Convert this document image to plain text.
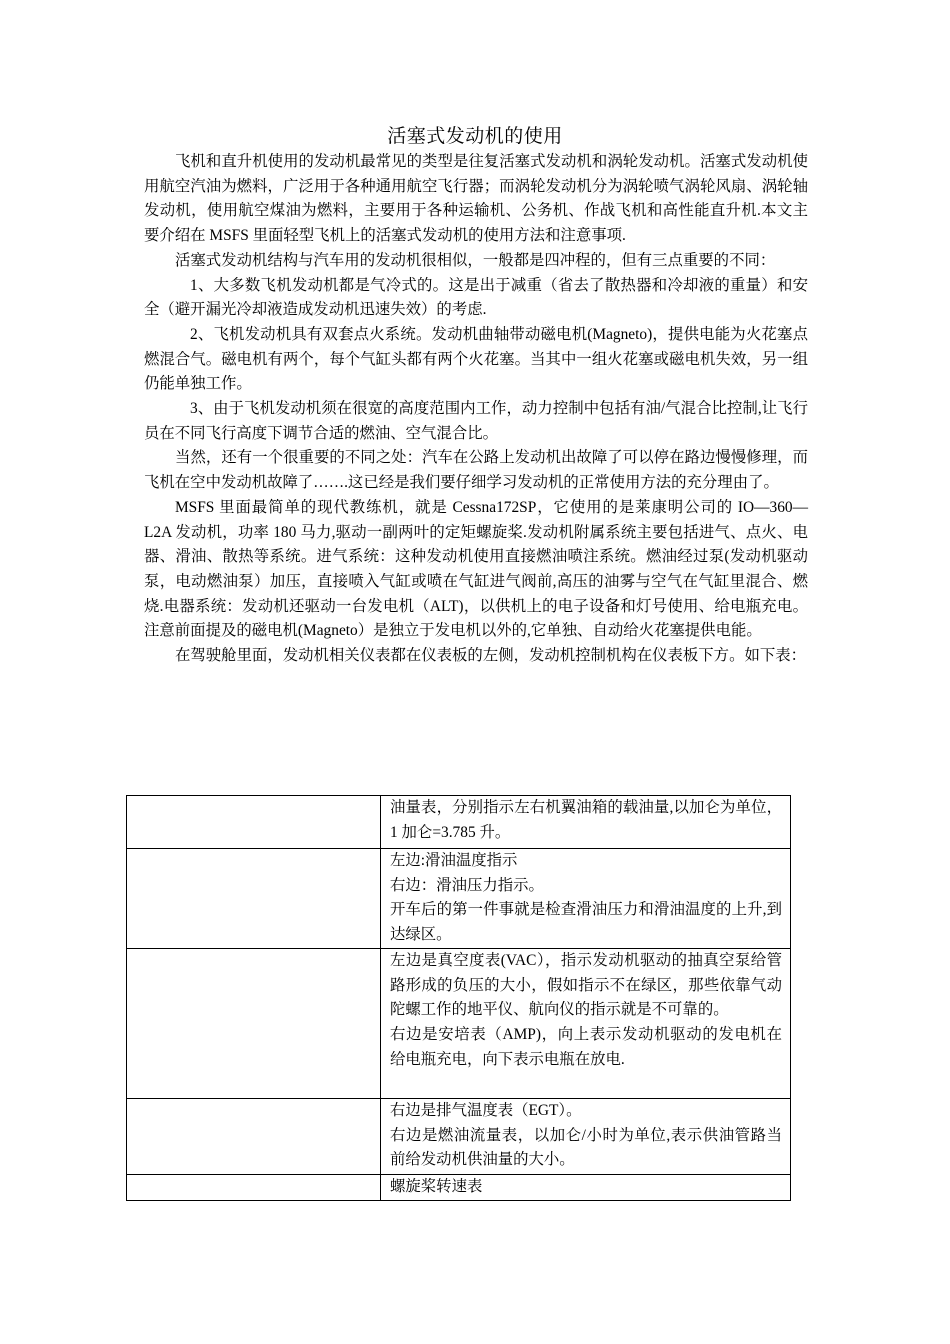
活塞式发动机的使用

飞机和直升机使用的发动机最常见的类型是往复活塞式发动机和涡轮发动机。活塞式发动机使用航空汽油为燃料，广泛用于各种通用航空飞行器；而涡轮发动机分为涡轮喷气涡轮风扇、涡轮轴发动机，使用航空煤油为燃料，主要用于各种运输机、公务机、作战飞机和高性能直升机.本文主要介绍在 MSFS 里面轻型飞机上的活塞式发动机的使用方法和注意事项.

活塞式发动机结构与汽车用的发动机很相似，一般都是四冲程的，但有三点重要的不同：

1、大多数飞机发动机都是气冷式的。这是出于减重（省去了散热器和冷却液的重量）和安全（避开漏光冷却液造成发动机迅速失效）的考虑.

2、飞机发动机具有双套点火系统。发动机曲轴带动磁电机(Magneto)，提供电能为火花塞点燃混合气。磁电机有两个，每个气缸头都有两个火花塞。当其中一组火花塞或磁电机失效，另一组仍能单独工作。

3、由于飞机发动机须在很宽的高度范围内工作，动力控制中包括有油/气混合比控制,让飞行员在不同飞行高度下调节合适的燃油、空气混合比。

当然，还有一个很重要的不同之处：汽车在公路上发动机出故障了可以停在路边慢慢修理，而飞机在空中发动机故障了…….这已经是我们要仔细学习发动机的正常使用方法的充分理由了。

MSFS 里面最简单的现代教练机，就是 Cessna172SP，它使用的是莱康明公司的 IO—360—L2A 发动机，功率 180 马力,驱动一副两叶的定矩螺旋桨.发动机附属系统主要包括进气、点火、电器、滑油、散热等系统。进气系统：这种发动机使用直接燃油喷注系统。燃油经过泵(发动机驱动泵，电动燃油泵）加压，直接喷入气缸或喷在气缸进气阀前,高压的油雾与空气在气缸里混合、燃烧.电器系统：发动机还驱动一台发电机（ALT)，以供机上的电子设备和灯号使用、给电瓶充电。注意前面提及的磁电机(Magneto）是独立于发电机以外的,它单独、自动给火花塞提供电能。

在驾驶舱里面，发动机相关仪表都在仪表板的左侧，发动机控制机构在仪表板下方。如下表：

	油量表，分别指示左右机翼油箱的载油量,以加仑为单位，1 加仑=3.785 升。

	左边:滑油温度指示
右边：滑油压力指示。
开车后的第一件事就是检查滑油压力和滑油温度的上升,到达绿区。

	左边是真空度表(VAC），指示发动机驱动的抽真空泵给管路形成的负压的大小，假如指示不在绿区，那些依靠气动陀螺工作的地平仪、航向仪的指示就是不可靠的。
右边是安培表（AMP)，向上表示发动机驱动的发电机在给电瓶充电，向下表示电瓶在放电.

	右边是排气温度表（EGT）。
右边是燃油流量表，以加仑/小时为单位,表示供油管路当前给发动机供油量的大小。

	螺旋桨转速表
